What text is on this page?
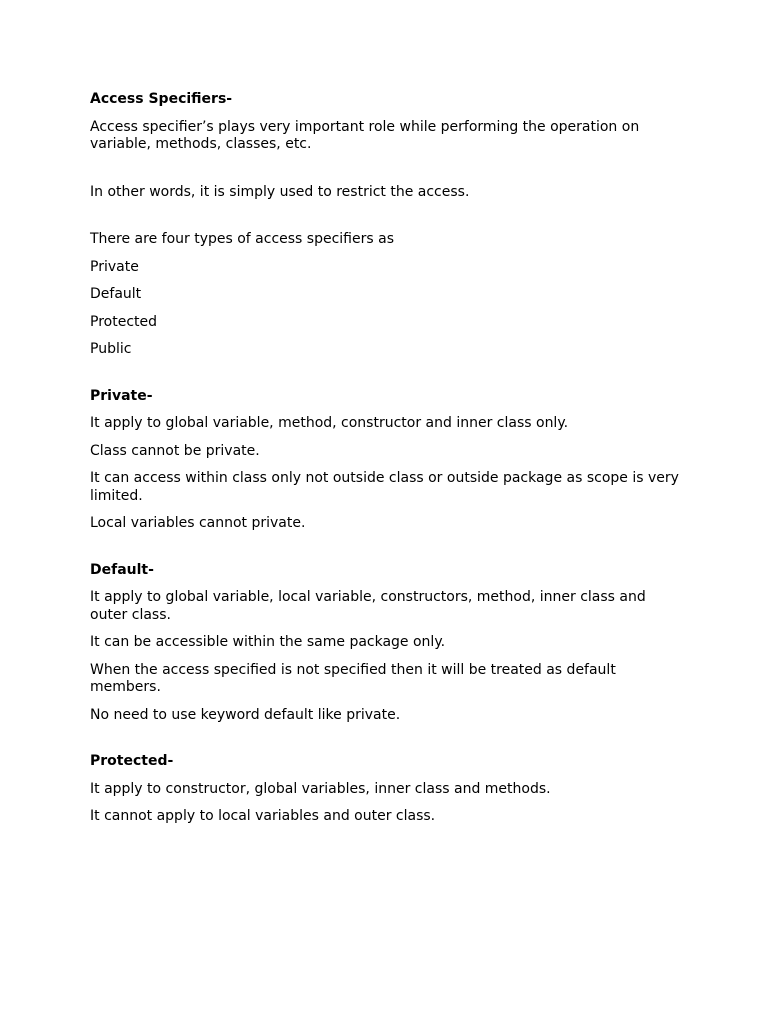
Access Specifiers-

Access specifier’s plays very important role while performing the operation on variable, methods, classes, etc.

In other words, it is simply used to restrict the access.

There are four types of access specifiers as

Private

Default

Protected

Public

Private-

It apply to global variable, method, constructor and inner class only.

Class cannot be private.

It can access within class only not outside class or outside package as scope is very limited.

Local variables cannot private.

Default-

It apply to global variable, local variable, constructors, method, inner class and outer class.

It can be accessible within the same package only.

When the access specified is not specified then it will be treated as default members.

No need to use keyword default like private.

Protected-

It apply to constructor, global variables, inner class and methods.

It cannot apply to local variables and outer class.
